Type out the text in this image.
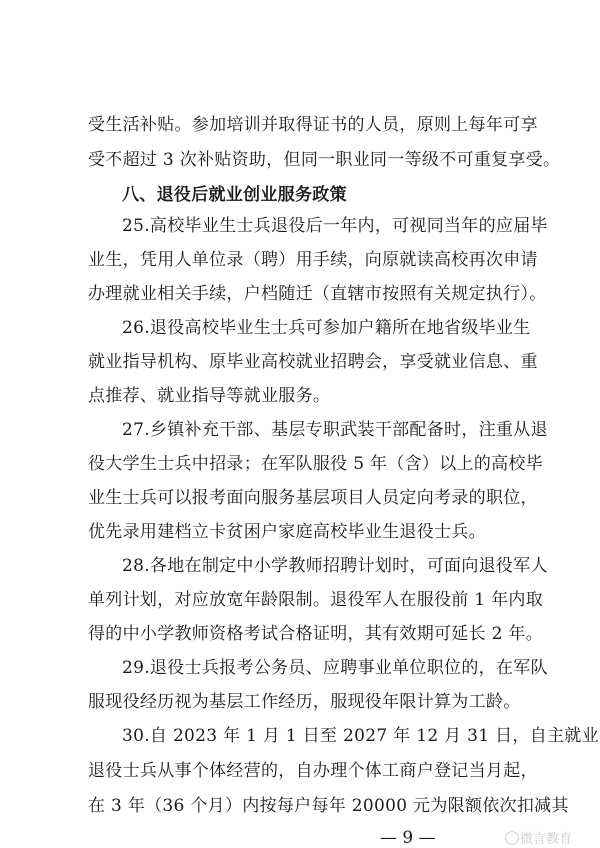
— 9 —	微言教育
受生活补贴。参加培训并取得证书的人员，原则上每年可享
受不超过 3 次补贴资助，但同一职业同一等级不可重复享受。
八、退役后就业创业服务政策
25.高校毕业生士兵退役后一年内，可视同当年的应届毕
业生，凭用人单位录（聘）用手续，向原就读高校再次申请
办理就业相关手续，户档随迁（直辖市按照有关规定执行）。
26.退役高校毕业生士兵可参加户籍所在地省级毕业生
就业指导机构、原毕业高校就业招聘会，享受就业信息、重
点推荐、就业指导等就业服务。
27.乡镇补充干部、基层专职武装干部配备时，注重从退
役大学生士兵中招录；在军队服役 5 年（含）以上的高校毕
业生士兵可以报考面向服务基层项目人员定向考录的职位，
优先录用建档立卡贫困户家庭高校毕业生退役士兵。
28.各地在制定中小学教师招聘计划时，可面向退役军人
单列计划，对应放宽年龄限制。退役军人在服役前 1 年内取
得的中小学教师资格考试合格证明，其有效期可延长 2 年。
29.退役士兵报考公务员、应聘事业单位职位的，在军队
服现役经历视为基层工作经历，服现役年限计算为工龄。
30.自 2023 年 1 月 1 日至 2027 年 12 月 31 日，自主就业
退役士兵从事个体经营的，自办理个体工商户登记当月起，
在 3 年（36 个月）内按每户每年 20000 元为限额依次扣减其
